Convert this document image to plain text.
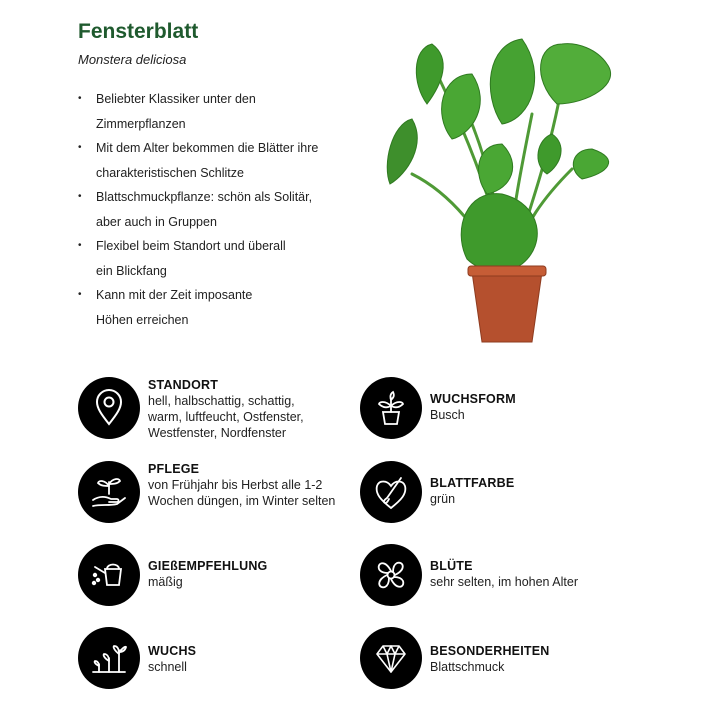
Fensterblatt
Monstera deliciosa
• Beliebter Klassiker unter den
Zimmerpflanzen
• Mit dem Alter bekommen die Blätter ihre
charakteristischen Schlitze
• Blattschmuckpflanze: schön als Solitär,
aber auch in Gruppen
• Flexibel beim Standort und überall
ein Blickfang
• Kann mit der Zeit imposante
Höhen erreichen
STANDORT
hell, halbschattig, schattig,
warm, luftfeucht, Ostfenster,
Westfenster, Nordfenster
PFLEGE
von Frühjahr bis Herbst alle 1-2
Wochen düngen, im Winter selten
GIEßEMPFEHLUNG
mäßig
WUCHS
schnell
WUCHSFORM
Busch
BLATTFARBE
grün
BLÜTE
sehr selten, im hohen Alter
BESONDERHEITEN
Blattschmuck
